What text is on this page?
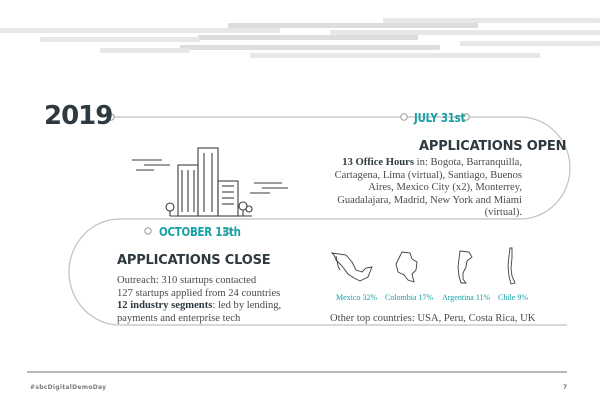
2019	JULY 31st
OCTOBER 13th
APPLICATIONS OPEN
13 Office Hours in: Bogota, Barranquilla, Cartagena, Lima (virtual), Santiago, Buenos Aires, Mexico City (x2), Monterrey, Guadalajara, Madrid, New York and Miami (virtual).
APPLICATIONS CLOSE
Outreach: 310 startups contacted
127 startups applied from 24 countries
12 industry segments: led by lending, payments and enterprise tech
Mexico 32% Colombia 17% Argentina 11% Chile 9%
Other top countries: USA, Peru, Costa Rica, UK
#sbcDigitalDemoDay	7
